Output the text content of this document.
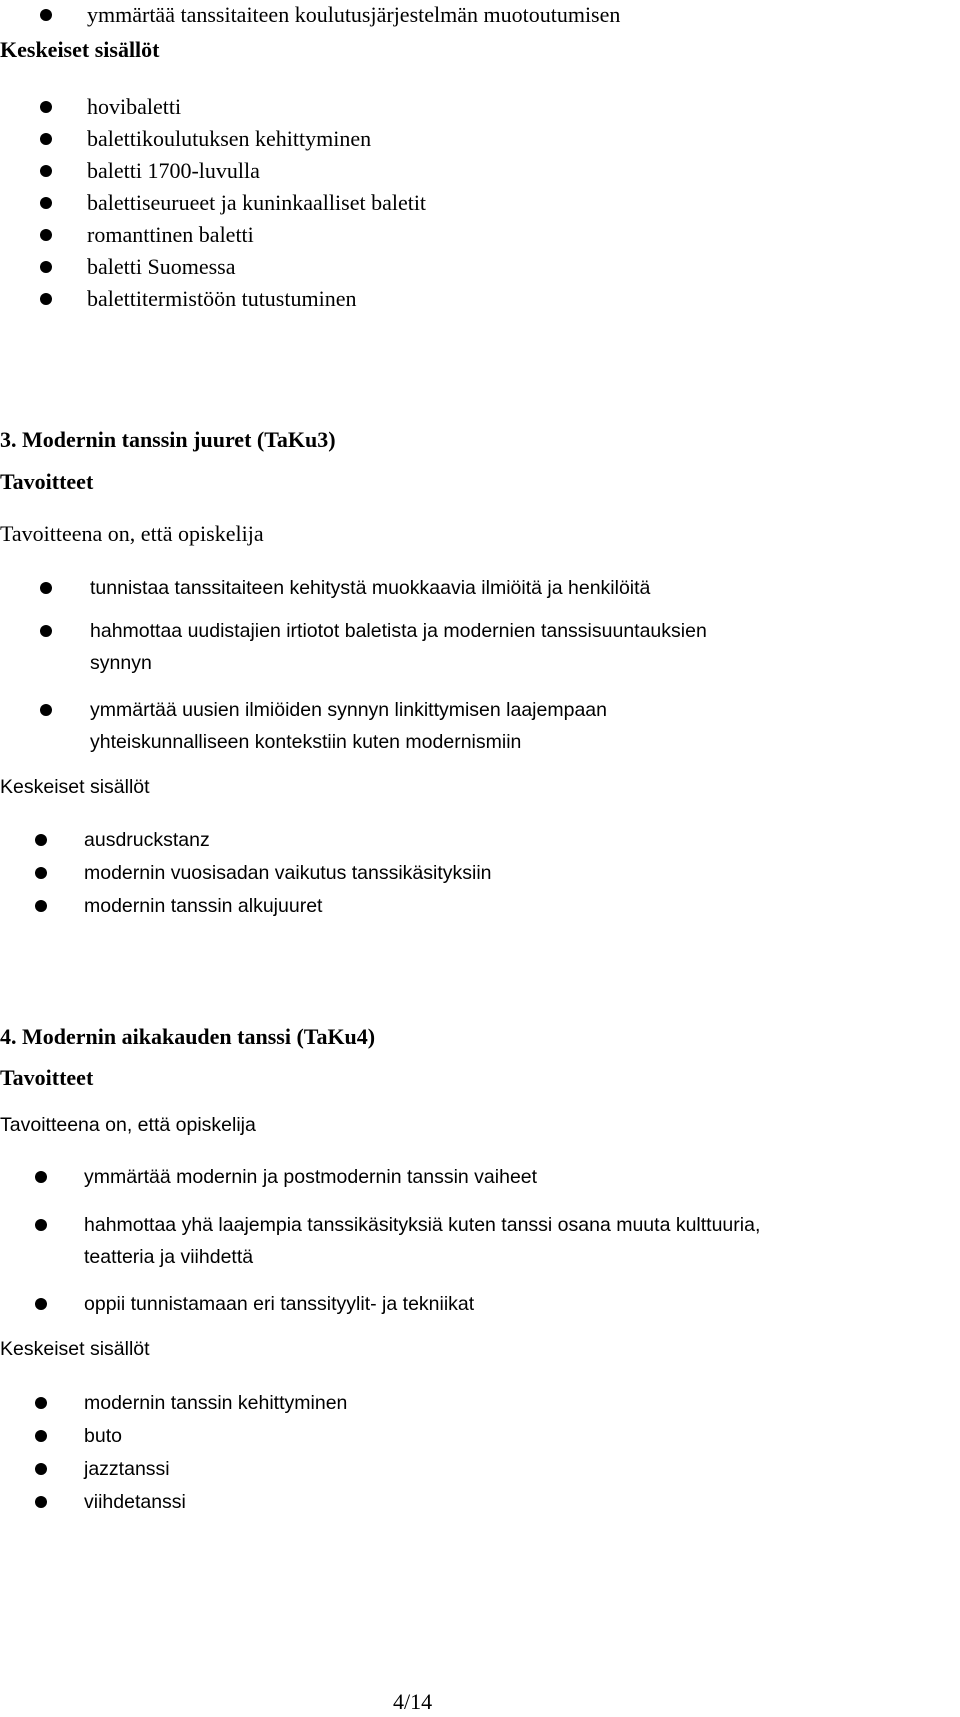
ymmärtää tanssitaiteen koulutusjärjestelmän muotoutumisen
Keskeiset sisällöt
hovibaletti
balettikoulutuksen kehittyminen
baletti 1700-luvulla
balettiseurueet ja kuninkaalliset baletit
romanttinen baletti
baletti Suomessa
balettitermistöön tutustuminen
3. Modernin tanssin juuret (TaKu3)
Tavoitteet
Tavoitteena on, että opiskelija
tunnistaa tanssitaiteen kehitystä muokkaavia ilmiöitä ja henkilöitä
hahmottaa uudistajien irtiotot baletista ja modernien tanssisuuntauksien
synnyn
ymmärtää uusien ilmiöiden synnyn linkittymisen laajempaan
yhteiskunnalliseen kontekstiin kuten modernismiin
Keskeiset sisällöt
ausdruckstanz
modernin vuosisadan vaikutus tanssikäsityksiin
modernin tanssin alkujuuret
4. Modernin aikakauden tanssi (TaKu4)
Tavoitteet
Tavoitteena on, että opiskelija
ymmärtää modernin ja postmodernin tanssin vaiheet
hahmottaa yhä laajempia tanssikäsityksiä kuten tanssi osana muuta kulttuuria,
teatteria ja viihdettä
oppii tunnistamaan eri tanssityylit- ja tekniikat
Keskeiset sisällöt
modernin tanssin kehittyminen
buto
jazztanssi
viihdetanssi
4/14
